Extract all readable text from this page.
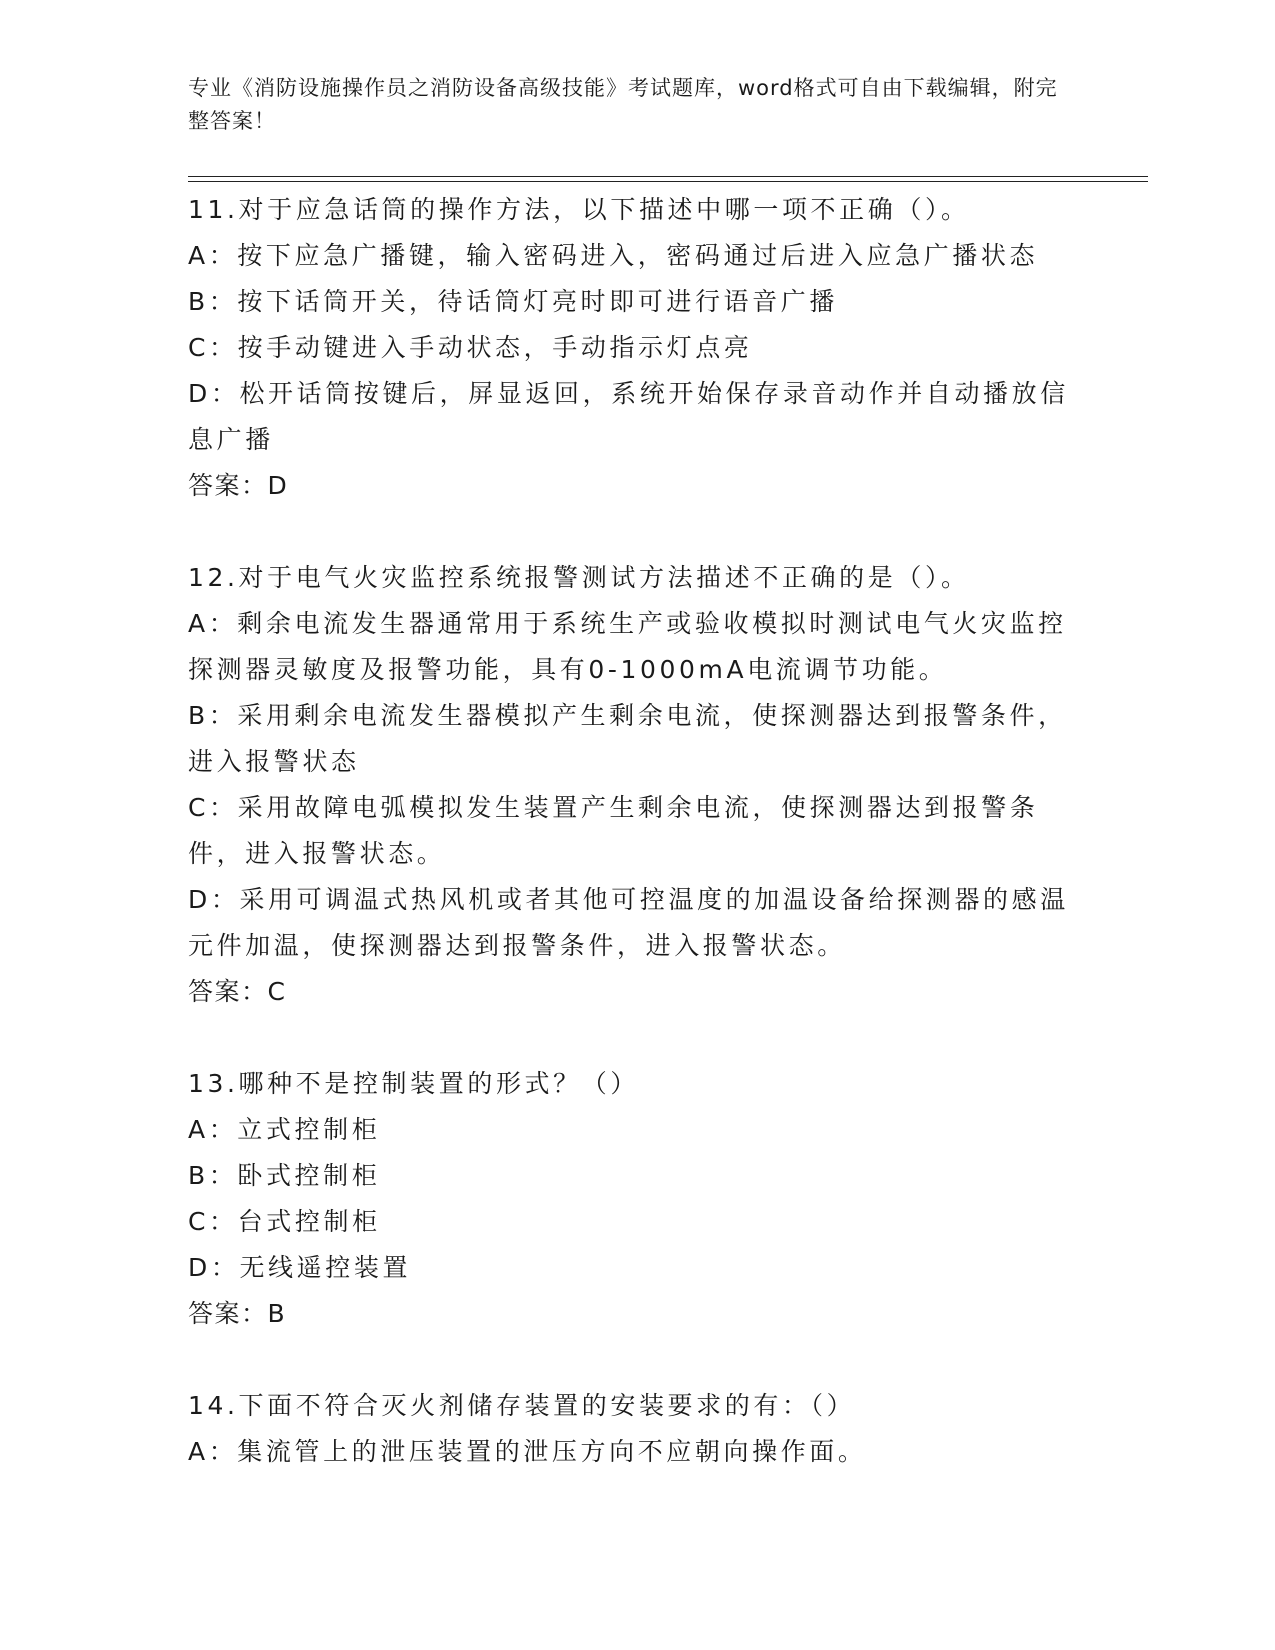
专业《消防设施操作员之消防设备高级技能》考试题库，word格式可自由下载编辑，附完整答案！
11.对于应急话筒的操作方法，以下描述中哪一项不正确（）。
A：按下应急广播键，输入密码进入，密码通过后进入应急广播状态
B：按下话筒开关，待话筒灯亮时即可进行语音广播
C：按手动键进入手动状态，手动指示灯点亮
D：松开话筒按键后，屏显返回，系统开始保存录音动作并自动播放信息广播
答案：D
12.对于电气火灾监控系统报警测试方法描述不正确的是（）。
A：剩余电流发生器通常用于系统生产或验收模拟时测试电气火灾监控探测器灵敏度及报警功能，具有0-1000mA电流调节功能。
B：采用剩余电流发生器模拟产生剩余电流，使探测器达到报警条件，进入报警状态
C：采用故障电弧模拟发生装置产生剩余电流，使探测器达到报警条件，进入报警状态。
D：采用可调温式热风机或者其他可控温度的加温设备给探测器的感温元件加温，使探测器达到报警条件，进入报警状态。
答案：C
13.哪种不是控制装置的形式？（）
A：立式控制柜
B：卧式控制柜
C：台式控制柜
D：无线遥控装置
答案：B
14.下面不符合灭火剂储存装置的安装要求的有：（）
A：集流管上的泄压装置的泄压方向不应朝向操作面。
